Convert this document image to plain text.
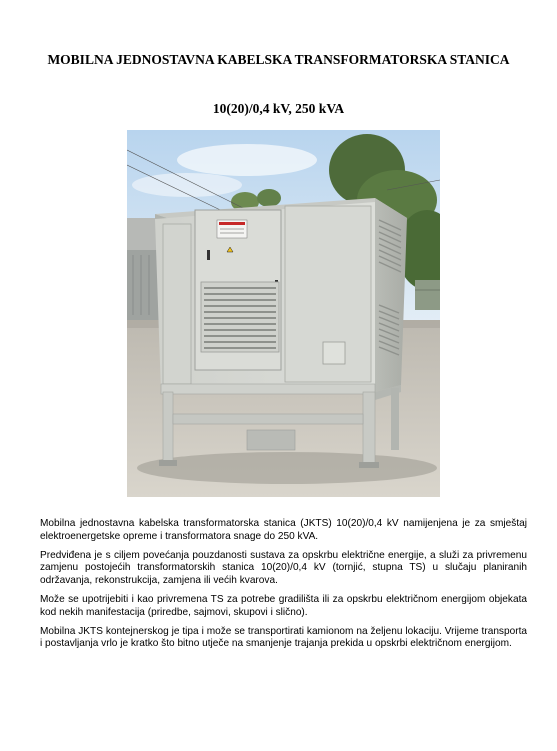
MOBILNA JEDNOSTAVNA KABELSKA TRANSFORMATORSKA STANICA
10(20)/0,4 kV, 250 kVA

Mobilna jednostavna kabelska transformatorska stanica (JKTS) 10(20)/0,4 kV namijenjena je za smještaj elektroenergetske opreme i transformatora snage do 250 kVA.

Predviđena je s ciljem povećanja pouzdanosti sustava za opskrbu električne energije, a služi za privremenu zamjenu postojećih transformatorskih stanica 10(20)/0,4 kV (tornjić, stupna TS) u slučaju planiranih održavanja, rekonstrukcija, zamjena ili većih kvarova.

Može se upotrijebiti i kao privremena TS za potrebe gradilišta ili za opskrbu električnom energijom objekata kod nekih manifestacija (priredbe, sajmovi, skupovi i slično).

Mobilna JKTS kontejnerskog je tipa i može se transportirati kamionom na željenu lokaciju. Vrijeme transporta i postavljanja vrlo je kratko što bitno utječe na smanjenje trajanja prekida u opskrbi električnom energijom.
